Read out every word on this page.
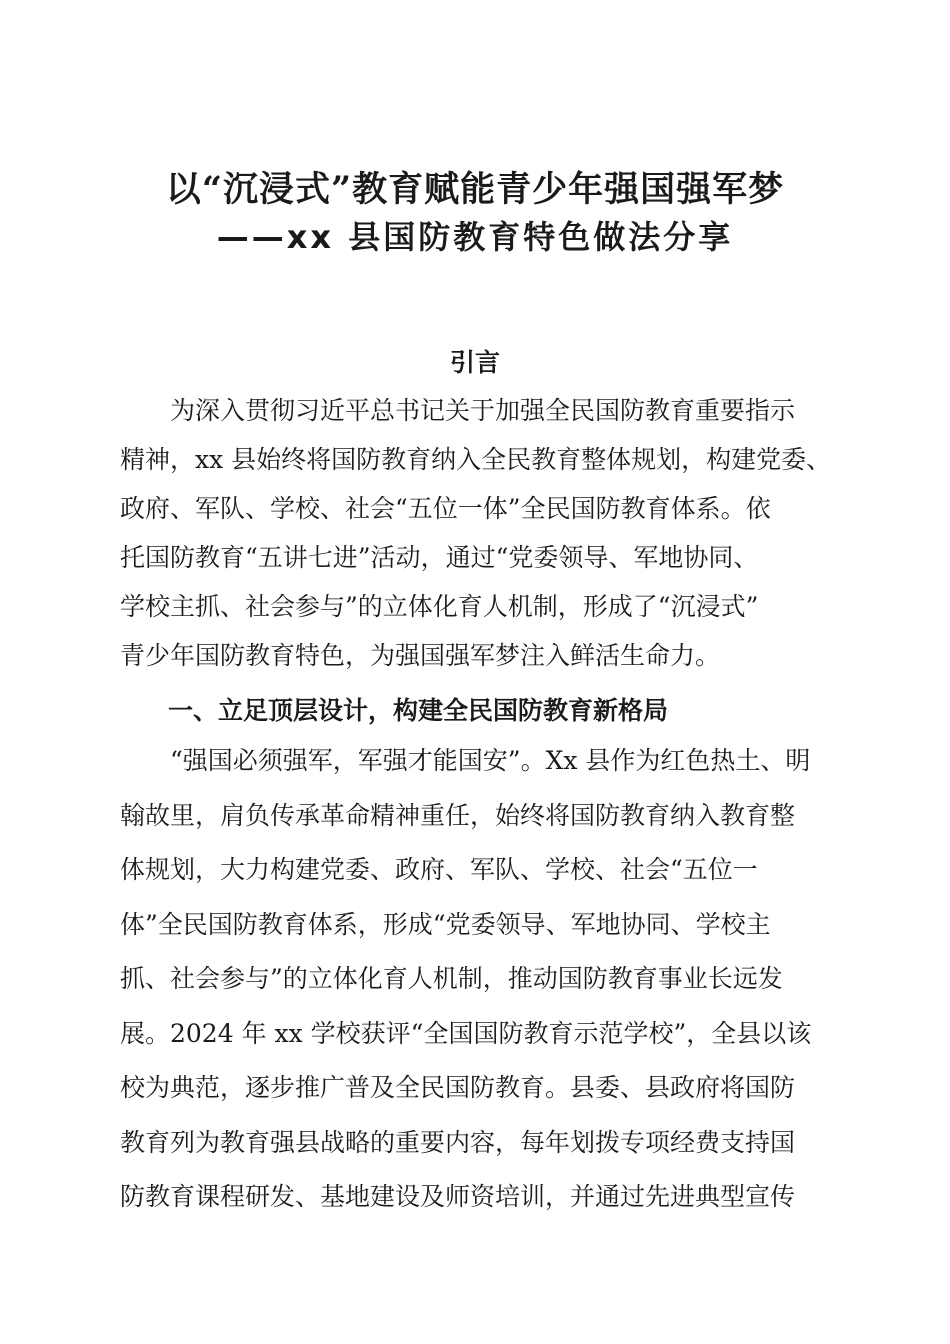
以“沉浸式”教育赋能青少年强国强军梦
——xx 县国防教育特色做法分享
引言

　　为深入贯彻习近平总书记关于加强全民国防教育重要指示
精神，xx 县始终将国防教育纳入全民教育整体规划，构建党委、
政府、军队、学校、社会“五位一体”全民国防教育体系。依
托国防教育“五讲七进”活动，通过“党委领导、军地协同、
学校主抓、社会参与”的立体化育人机制，形成了“沉浸式”
青少年国防教育特色，为强国强军梦注入鲜活生命力。

一、立足顶层设计，构建全民国防教育新格局

　　“强国必须强军，军强才能国安”。Xx 县作为红色热土、明
翰故里，肩负传承革命精神重任，始终将国防教育纳入教育整
体规划，大力构建党委、政府、军队、学校、社会“五位一
体”全民国防教育体系，形成“党委领导、军地协同、学校主
抓、社会参与”的立体化育人机制，推动国防教育事业长远发
展。2024 年 xx 学校获评“全国国防教育示范学校”，全县以该
校为典范，逐步推广普及全民国防教育。县委、县政府将国防
教育列为教育强县战略的重要内容，每年划拨专项经费支持国
防教育课程研发、基地建设及师资培训，并通过先进典型宣传
